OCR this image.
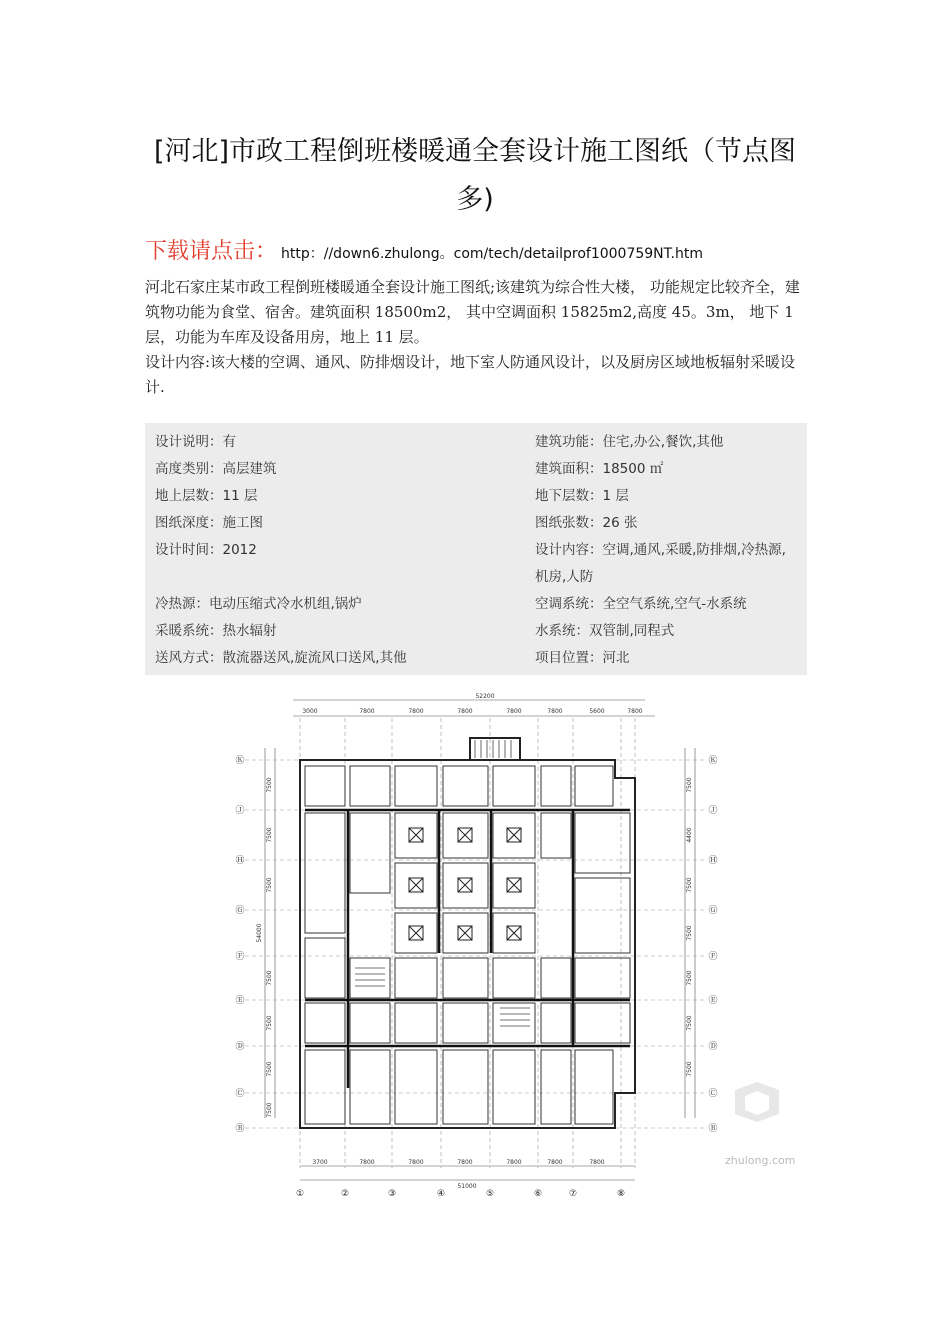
[河北]市政工程倒班楼暖通全套设计施工图纸（节点图多)
下载请点击： http：//down6.zhulong。com/tech/detailprof1000759NT.htm
河北石家庄某市政工程倒班楼暖通全套设计施工图纸;该建筑为综合性大楼， 功能规定比较齐全，建筑物功能为食堂、宿舍。建筑面积 18500m2， 其中空调面积 15825m2,高度 45。3m， 地下 1 层，功能为车库及设备用房，地上 11 层。
设计内容:该大楼的空调、通风、防排烟设计，地下室人防通风设计，以及厨房区域地板辐射采暖设计.
设计说明：有
高度类别：高层建筑
地上层数：11 层
图纸深度：施工图
设计时间：2012
冷热源：电动压缩式冷水机组,锅炉
采暖系统：热水辐射
送风方式：散流器送风,旋流风口送风,其他
建筑功能：住宅,办公,餐饮,其他
建筑面积：18500 ㎡
地下层数：1 层
图纸张数：26 张
设计内容：空调,通风,采暖,防排烟,冷热源,机房,人防
空调系统：全空气系统,空气-水系统
水系统：双管制,同程式
项目位置：河北
52200
3000	7800	7800	7800	7800	7800	5600	7800
3700	7800	7800	7800	7800	7800	7800
51000
7500
7500
7500
54000
7500
7500
7500
7500
7500
4400
7500
7500
7500
7500
7500
Ⓚ
Ⓙ
Ⓗ
Ⓖ
Ⓕ
Ⓔ
Ⓓ
Ⓒ
Ⓑ
Ⓚ
Ⓙ
Ⓗ
Ⓖ
Ⓕ
Ⓔ
Ⓓ
Ⓒ
Ⓑ
①	②	③	④	⑤	⑥	⑦	⑧
zhulong.com
